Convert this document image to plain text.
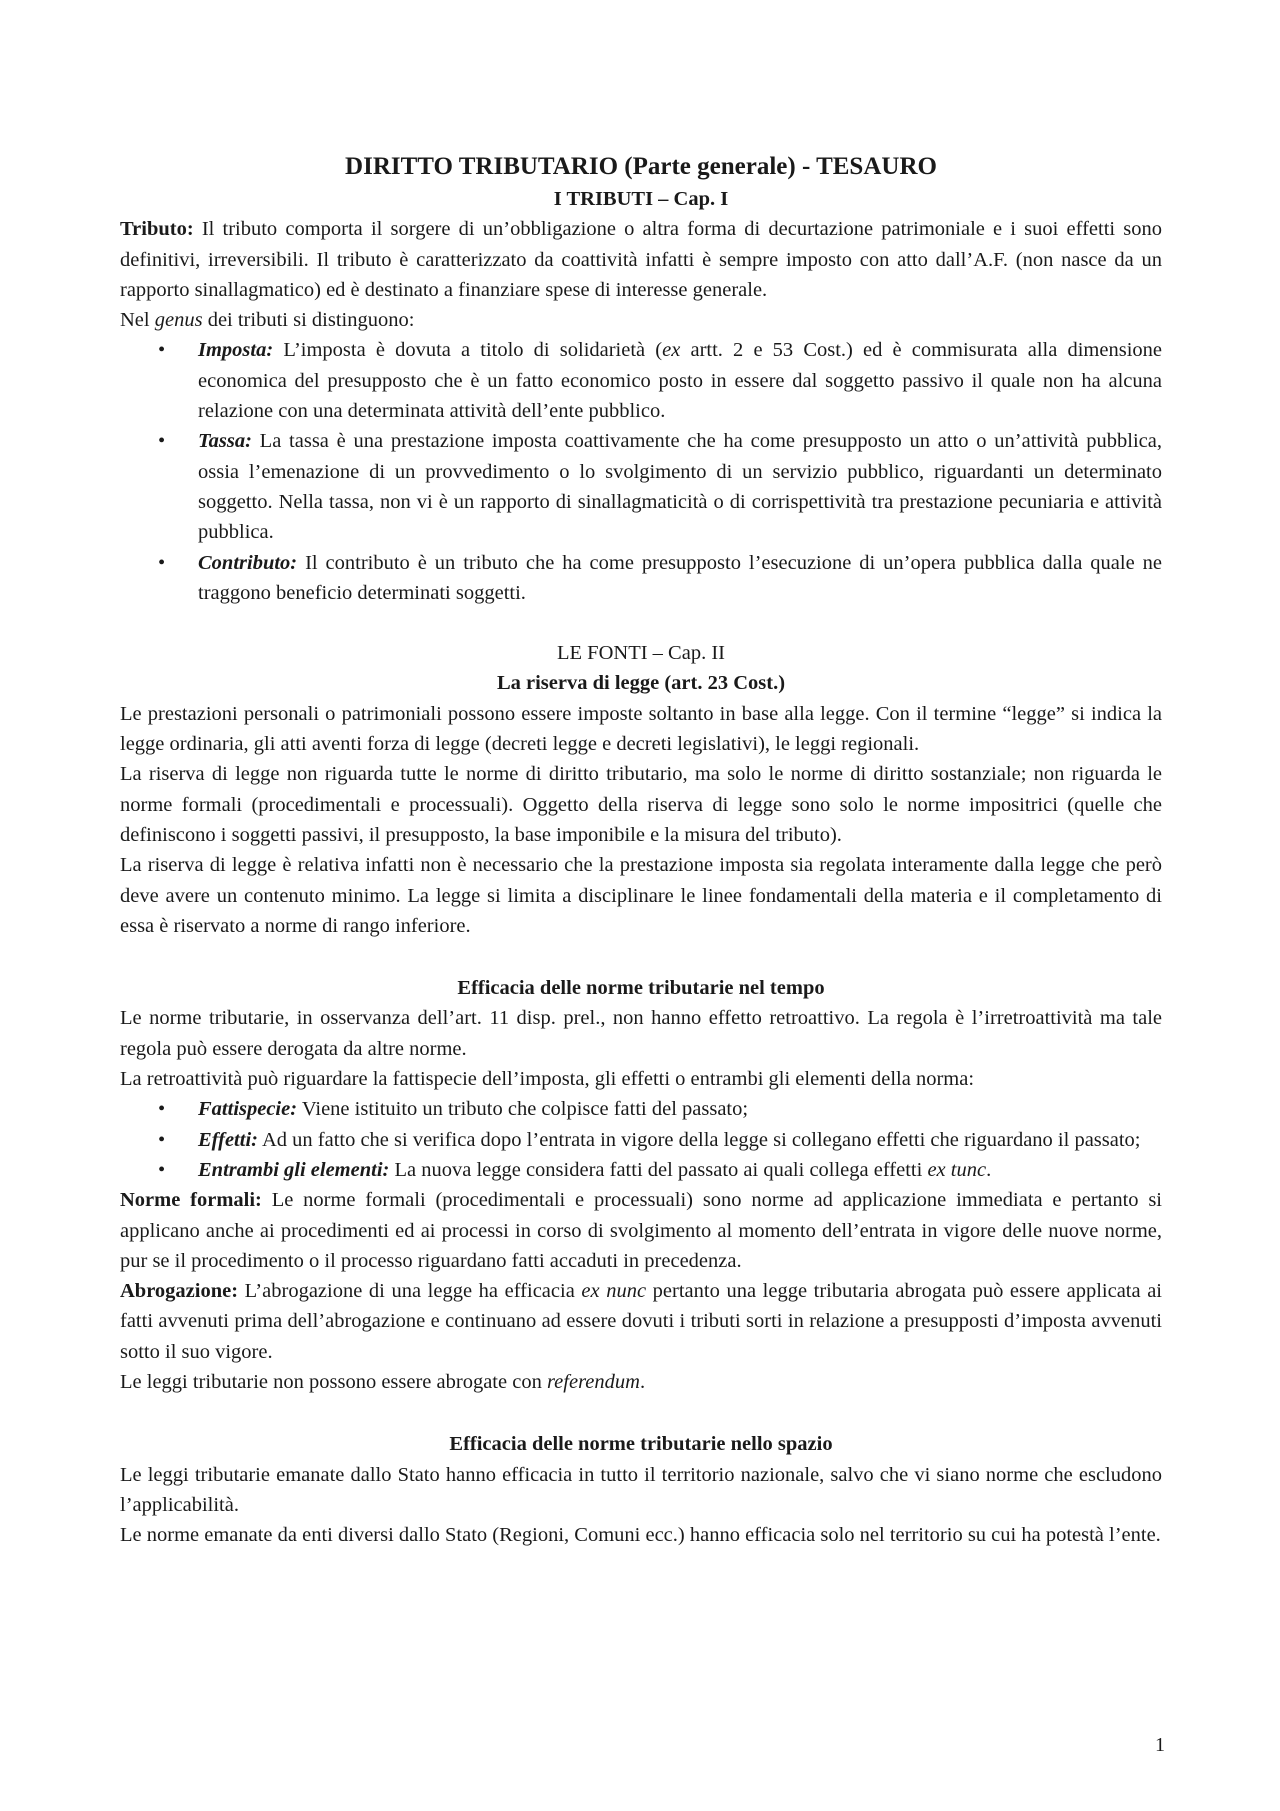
DIRITTO TRIBUTARIO (Parte generale) - TESAURO
I TRIBUTI – Cap. I

Tributo: Il tributo comporta il sorgere di un’obbligazione o altra forma di decurtazione patrimoniale e i suoi effetti sono definitivi, irreversibili. Il tributo è caratterizzato da coattività infatti è sempre imposto con atto dall’A.F. (non nasce da un rapporto sinallagmatico) ed è destinato a finanziare spese di interesse generale.

Nel genus dei tributi si distinguono:

• Imposta: L’imposta è dovuta a titolo di solidarietà (ex artt. 2 e 53 Cost.) ed è commisurata alla dimensione economica del presupposto che è un fatto economico posto in essere dal soggetto passivo il quale non ha alcuna relazione con una determinata attività dell’ente pubblico.
• Tassa: La tassa è una prestazione imposta coattivamente che ha come presupposto un atto o un’attività pubblica, ossia l’emenazione di un provvedimento o lo svolgimento di un servizio pubblico, riguardanti un determinato soggetto. Nella tassa, non vi è un rapporto di sinallagmaticità o di corrispettività tra prestazione pecuniaria e attività pubblica.
• Contributo: Il contributo è un tributo che ha come presupposto l’esecuzione di un’opera pubblica dalla quale ne traggono beneficio determinati soggetti.
LE FONTI – Cap. II
La riserva di legge (art. 23 Cost.)

Le prestazioni personali o patrimoniali possono essere imposte soltanto in base alla legge. Con il termine “legge” si indica la legge ordinaria, gli atti aventi forza di legge (decreti legge e decreti legislativi), le leggi regionali.

La riserva di legge non riguarda tutte le norme di diritto tributario, ma solo le norme di diritto sostanziale; non riguarda le norme formali (procedimentali e processuali). Oggetto della riserva di legge sono solo le norme impositrici (quelle che definiscono i soggetti passivi, il presupposto, la base imponibile e la misura del tributo).

La riserva di legge è relativa infatti non è necessario che la prestazione imposta sia regolata interamente dalla legge che però deve avere un contenuto minimo. La legge si limita a disciplinare le linee fondamentali della materia e il completamento di essa è riservato a norme di rango inferiore.

Efficacia delle norme tributarie nel tempo

Le norme tributarie, in osservanza dell’art. 11 disp. prel., non hanno effetto retroattivo. La regola è l’irretroattività ma tale regola può essere derogata da altre norme.

La retroattività può riguardare la fattispecie dell’imposta, gli effetti o entrambi gli elementi della norma:

• Fattispecie: Viene istituito un tributo che colpisce fatti del passato;
• Effetti: Ad un fatto che si verifica dopo l’entrata in vigore della legge si collegano effetti che riguardano il passato;
• Entrambi gli elementi: La nuova legge considera fatti del passato ai quali collega effetti ex tunc.

Norme formali: Le norme formali (procedimentali e processuali) sono norme ad applicazione immediata e pertanto si applicano anche ai procedimenti ed ai processi in corso di svolgimento al momento dell’entrata in vigore delle nuove norme, pur se il procedimento o il processo riguardano fatti accaduti in precedenza.

Abrogazione: L’abrogazione di una legge ha efficacia ex nunc pertanto una legge tributaria abrogata può essere applicata ai fatti avvenuti prima dell’abrogazione e continuano ad essere dovuti i tributi sorti in relazione a presupposti d’imposta avvenuti sotto il suo vigore.

Le leggi tributarie non possono essere abrogate con referendum.

Efficacia delle norme tributarie nello spazio

Le leggi tributarie emanate dallo Stato hanno efficacia in tutto il territorio nazionale, salvo che vi siano norme che escludono l’applicabilità.

Le norme emanate da enti diversi dallo Stato (Regioni, Comuni ecc.) hanno efficacia solo nel territorio su cui ha potestà l’ente.

1
